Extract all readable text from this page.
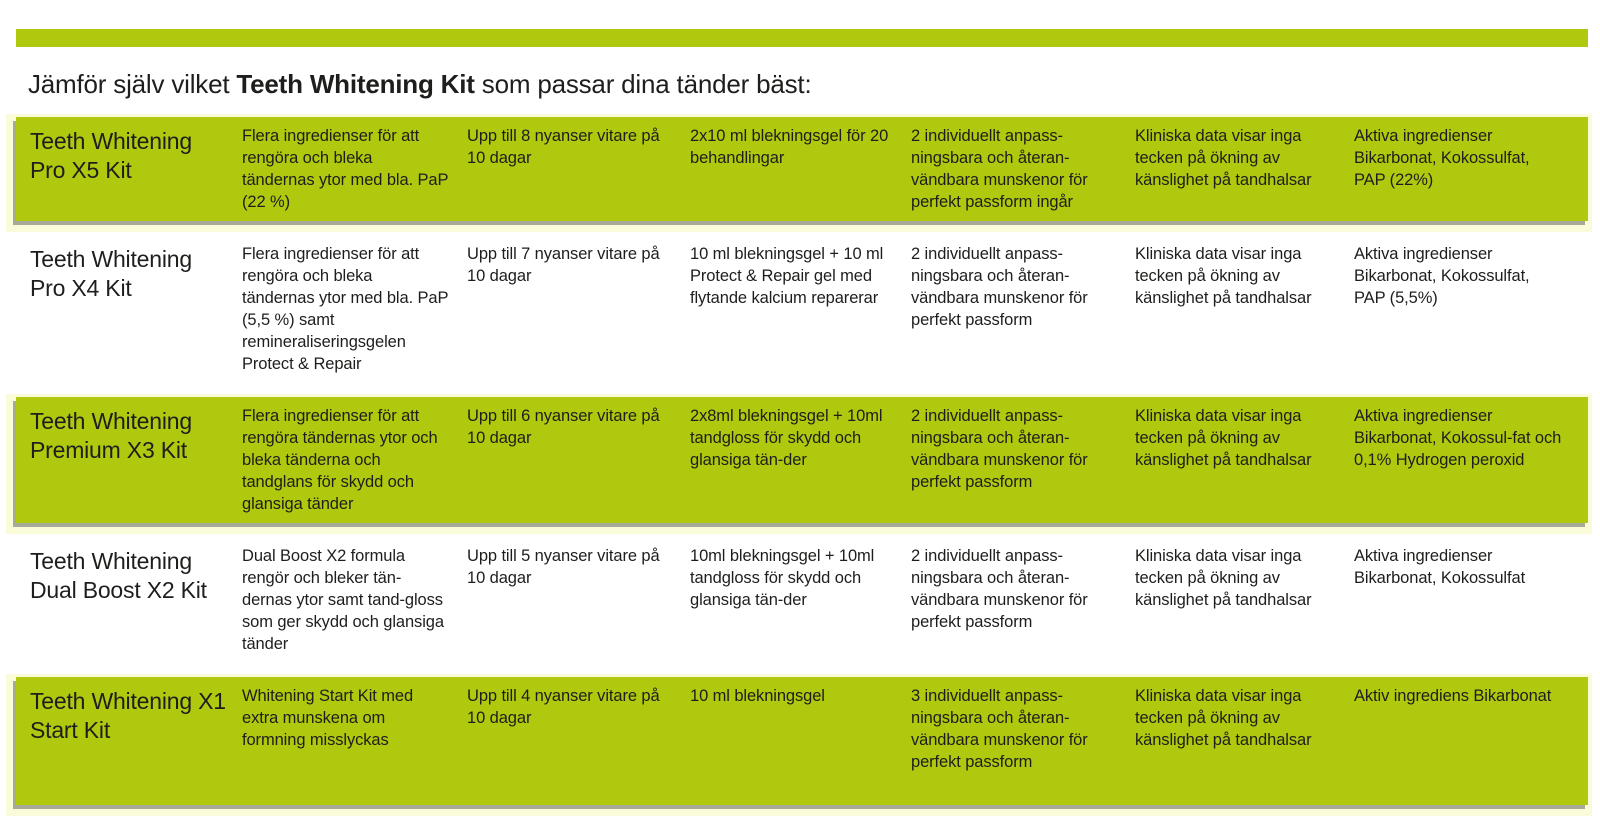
Jämför själv vilket Teeth Whitening Kit som passar dina tänder bäst:
Teeth Whitening Pro X5 Kit
Flera ingredienser för att rengöra och bleka tändernas ytor med bla. PaP (22 %)
Upp till 8 nyanser vitare på 10 dagar
2x10 ml blekningsgel för 20 behandlingar
2 individuellt anpass-ningsbara och återan-vändbara munskenor för perfekt passform ingår
Kliniska data visar inga tecken på ökning av känslighet på tandhalsar
Aktiva ingredienser Bikarbonat, Kokossulfat, PAP (22%)
Teeth Whitening Pro X4 Kit
Flera ingredienser för att rengöra och bleka tändernas ytor med bla. PaP (5,5 %) samt remineraliseringsgelen Protect & Repair
Upp till 7 nyanser vitare på 10 dagar
10 ml blekningsgel + 10 ml Protect & Repair gel med flytande kalcium reparerar
2 individuellt anpass-ningsbara och återan-vändbara munskenor för perfekt passform
Kliniska data visar inga tecken på ökning av känslighet på tandhalsar
Aktiva ingredienser Bikarbonat, Kokossulfat, PAP (5,5%)
Teeth Whitening Premium X3 Kit
Flera ingredienser för att rengöra tändernas ytor och bleka tänderna och tandglans för skydd och glansiga tänder
Upp till 6 nyanser vitare på 10 dagar
2x8ml blekningsgel + 10ml tandgloss för skydd och glansiga tän-der
2 individuellt anpass-ningsbara och återan-vändbara munskenor för perfekt passform
Kliniska data visar inga tecken på ökning av känslighet på tandhalsar
Aktiva ingredienser Bikarbonat, Kokossul-fat och 0,1% Hydrogen peroxid
Teeth Whitening Dual Boost X2 Kit
Dual Boost X2 formula rengör och bleker tän-dernas ytor samt tand-gloss som ger skydd och glansiga tänder
Upp till 5 nyanser vitare på 10 dagar
10ml blekningsgel + 10ml tandgloss för skydd och glansiga tän-der
2 individuellt anpass-ningsbara och återan-vändbara munskenor för perfekt passform
Kliniska data visar inga tecken på ökning av känslighet på tandhalsar
Aktiva ingredienser Bikarbonat, Kokossulfat
Teeth Whitening X1 Start Kit
Whitening Start Kit med extra munskena om formning misslyckas
Upp till 4 nyanser vitare på 10 dagar
10 ml blekningsgel	3 individuellt anpass-ningsbara och återan-vändbara munskenor för perfekt passform
Kliniska data visar inga tecken på ökning av känslighet på tandhalsar
Aktiv ingrediens Bikarbonat
